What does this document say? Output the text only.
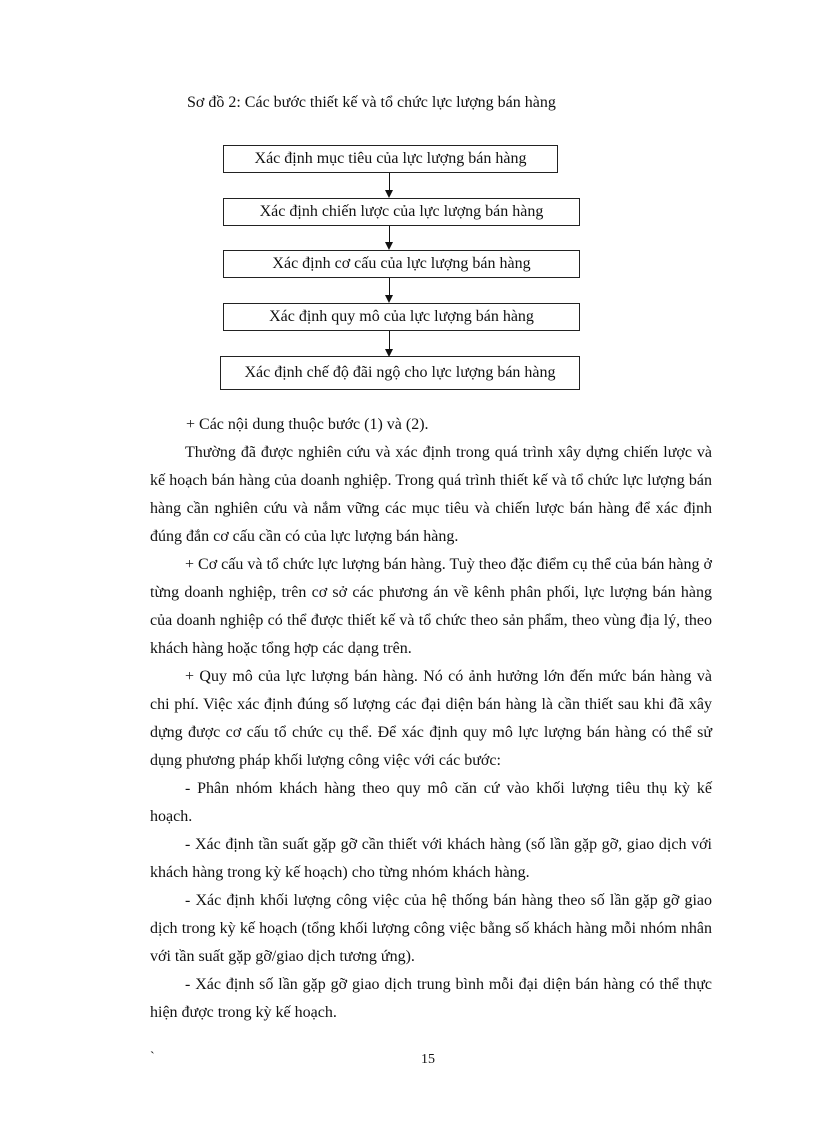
Sơ đồ 2: Các bước thiết kế và tổ chức lực lượng bán hàng
Xác định mục tiêu của lực lượng bán hàng
Xác định chiến lược của lực lượng bán hàng
Xác định cơ cấu của lực lượng bán hàng
Xác định quy mô của lực lượng bán hàng
Xác định chế độ đãi ngộ cho lực lượng bán hàng

+ Các nội dung thuộc bước (1) và (2).

Thường đã được nghiên cứu và xác định trong quá trình xây dựng chiến lược và kế hoạch bán hàng của doanh nghiệp. Trong quá trình thiết kế và tổ chức lực lượng bán hàng cần nghiên cứu và nắm vững các mục tiêu và chiến lược bán hàng để xác định đúng đắn cơ cấu cần có của lực lượng bán hàng.

+ Cơ cấu và tổ chức lực lượng bán hàng. Tuỳ theo đặc điểm cụ thể của bán hàng ở từng doanh nghiệp, trên cơ sở các phương án về kênh phân phối, lực lượng bán hàng của doanh nghiệp có thể được thiết kế và tổ chức theo sản phẩm, theo vùng địa lý, theo khách hàng hoặc tổng hợp các dạng trên.

+ Quy mô của lực lượng bán hàng. Nó có ảnh hưởng lớn đến mức bán hàng và chi phí. Việc xác định đúng số lượng các đại diện bán hàng là cần thiết sau khi đã xây dựng được cơ cấu tổ chức cụ thể. Để xác định quy mô lực lượng bán hàng có thể sử dụng phương pháp khối lượng công việc với các bước:

- Phân nhóm khách hàng theo quy mô căn cứ vào khối lượng tiêu thụ kỳ kế hoạch.

- Xác định tần suất gặp gỡ cần thiết với khách hàng (số lần gặp gỡ, giao dịch với khách hàng trong kỳ kế hoạch) cho từng nhóm khách hàng.

- Xác định khối lượng công việc của hệ thống bán hàng theo số lần gặp gỡ giao dịch trong kỳ kế hoạch (tổng khối lượng công việc bằng số khách hàng mỗi nhóm nhân với tần suất gặp gỡ/giao dịch tương ứng).

- Xác định số lần gặp gỡ giao dịch trung bình mỗi đại diện bán hàng có thể thực hiện được trong kỳ kế hoạch.

`	15
